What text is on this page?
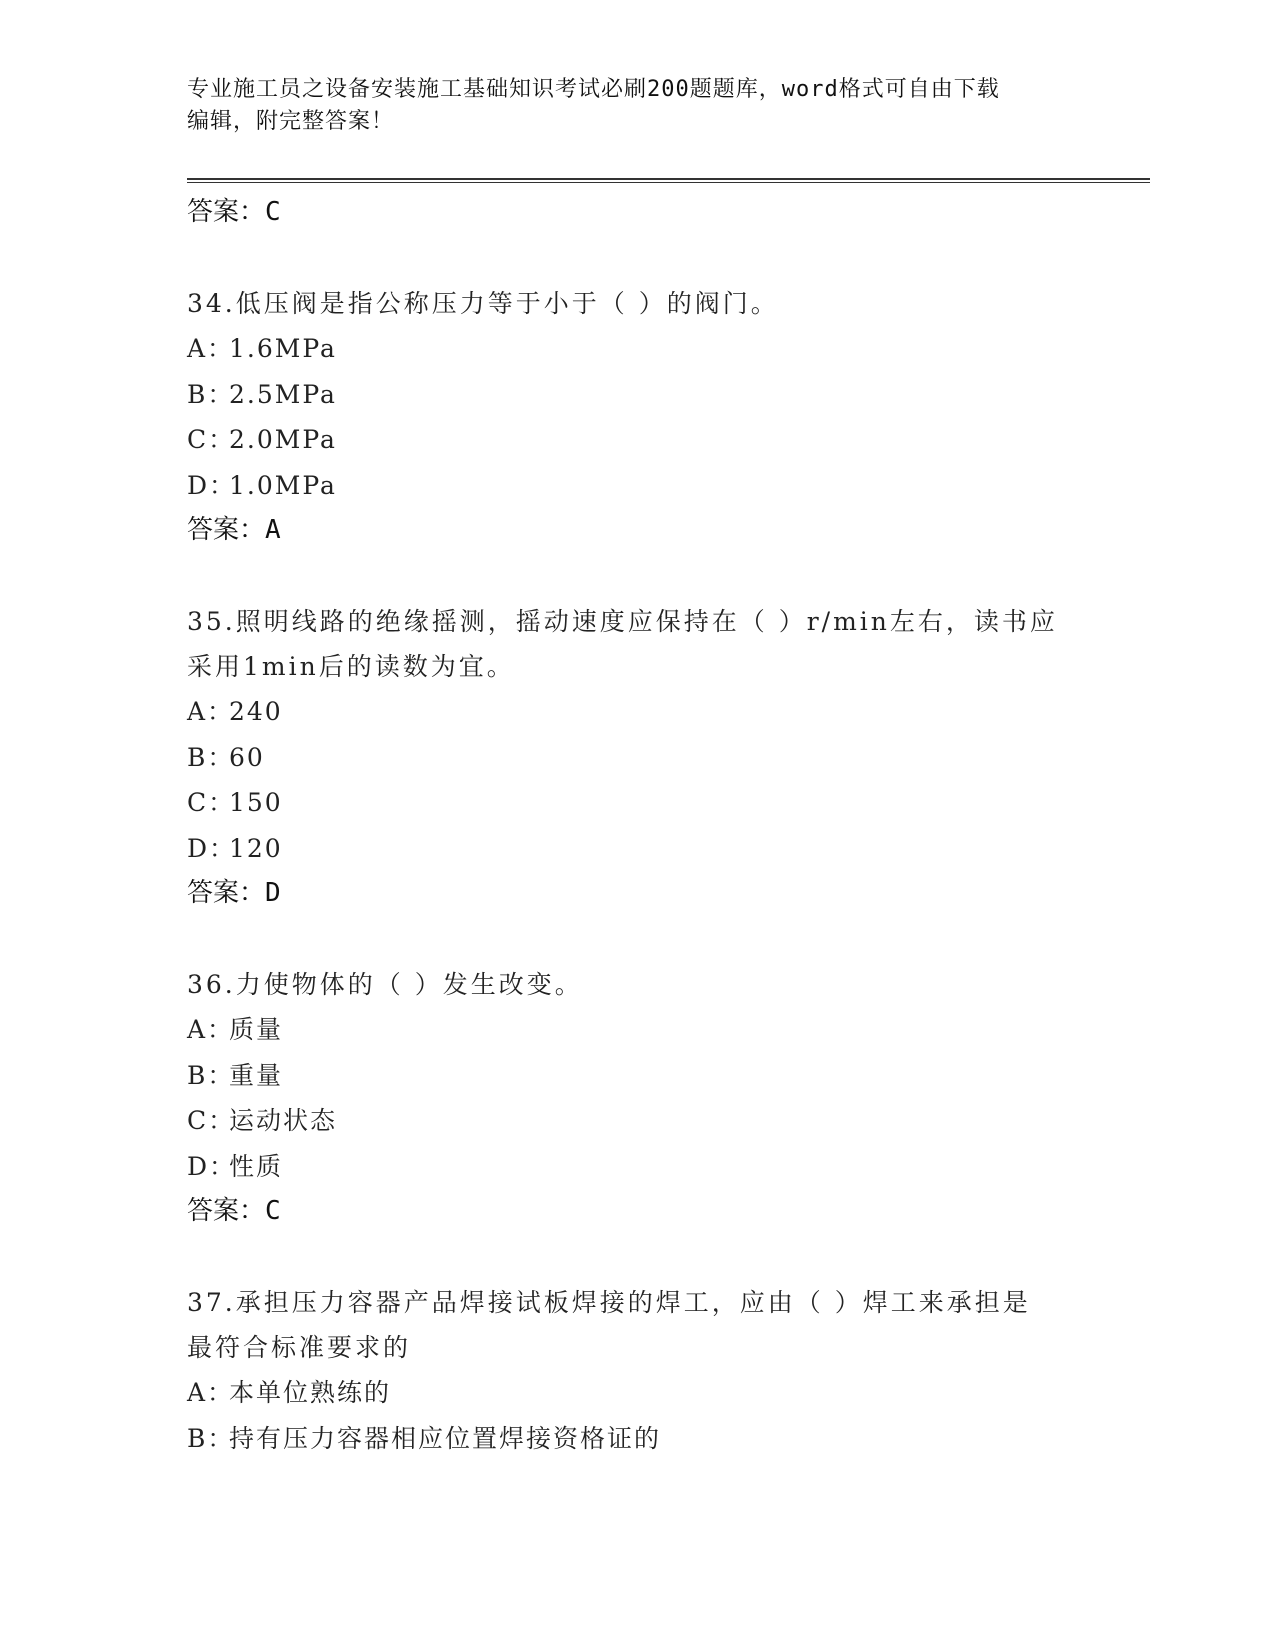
专业施工员之设备安装施工基础知识考试必刷200题题库，word格式可自由下载
编辑，附完整答案！
答案：C
34.低压阀是指公称压力等于小于（ ）的阀门。
A：1.6MPa
B：2.5MPa
C：2.0MPa
D：1.0MPa
答案：A
35.照明线路的绝缘摇测，摇动速度应保持在（ ）r/min左右，读书应
采用1min后的读数为宜。
A：240
B：60
C：150
D：120
答案：D
36.力使物体的（ ）发生改变。
A：质量
B：重量
C：运动状态
D：性质
答案：C
37.承担压力容器产品焊接试板焊接的焊工，应由（ ）焊工来承担是
最符合标准要求的
A：本单位熟练的
B：持有压力容器相应位置焊接资格证的
